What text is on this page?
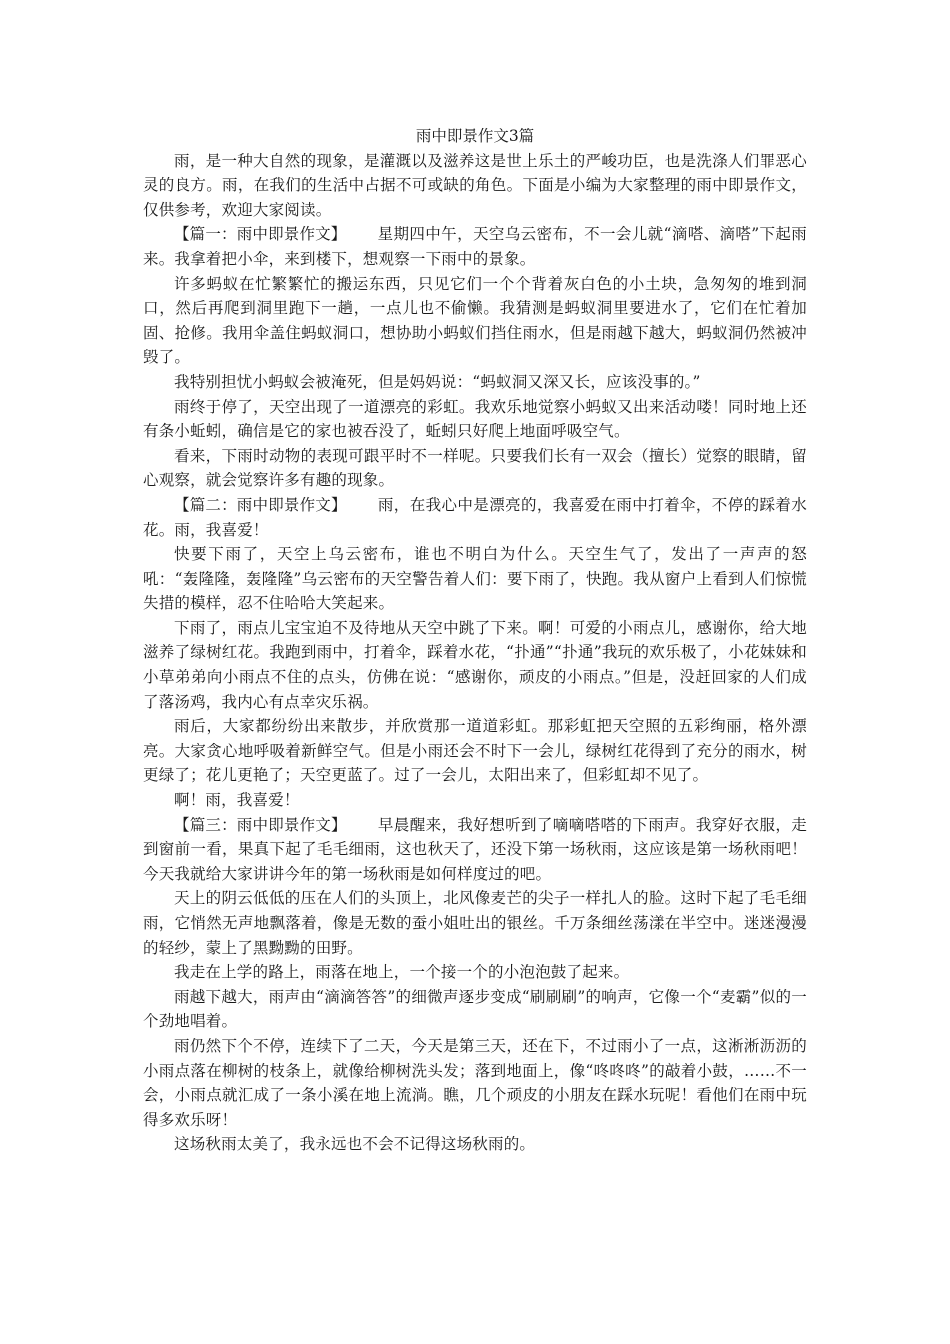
雨中即景作文3篇

雨，是一种大自然的现象，是灌溉以及滋养这是世上乐土的严峻功臣，也是洗涤人们罪恶心灵的良方。雨，在我们的生活中占据不可或缺的角色。下面是小编为大家整理的雨中即景作文，仅供参考，欢迎大家阅读。

【篇一：雨中即景作文】 星期四中午，天空乌云密布，不一会儿就“滴嗒、滴嗒”下起雨来。我拿着把小伞，来到楼下，想观察一下雨中的景象。

许多蚂蚁在忙繁繁忙的搬运东西，只见它们一个个背着灰白色的小土块，急匆匆的堆到洞口，然后再爬到洞里跑下一趟，一点儿也不偷懒。我猜测是蚂蚁洞里要进水了，它们在忙着加固、抢修。我用伞盖住蚂蚁洞口，想协助小蚂蚁们挡住雨水，但是雨越下越大，蚂蚁洞仍然被冲毁了。

我特别担忧小蚂蚁会被淹死，但是妈妈说：“蚂蚁洞又深又长，应该没事的。”

雨终于停了，天空出现了一道漂亮的彩虹。我欢乐地觉察小蚂蚁又出来活动喽！同时地上还有条小蚯蚓，确信是它的家也被吞没了，蚯蚓只好爬上地面呼吸空气。

看来，下雨时动物的表现可跟平时不一样呢。只要我们长有一双会（擅长）觉察的眼睛，留心观察，就会觉察许多有趣的现象。

【篇二：雨中即景作文】 雨，在我心中是漂亮的，我喜爱在雨中打着伞，不停的踩着水花。雨，我喜爱！

快要下雨了，天空上乌云密布，谁也不明白为什么。天空生气了，发出了一声声的怒吼：“轰隆隆，轰隆隆”乌云密布的天空警告着人们：要下雨了，快跑。我从窗户上看到人们惊慌失措的模样，忍不住哈哈大笑起来。

下雨了，雨点儿宝宝迫不及待地从天空中跳了下来。啊！可爱的小雨点儿，感谢你，给大地滋养了绿树红花。我跑到雨中，打着伞，踩着水花，“扑通”“扑通”我玩的欢乐极了，小花妹妹和小草弟弟向小雨点不住的点头，仿佛在说：“感谢你，顽皮的小雨点。”但是，没赶回家的人们成了落汤鸡，我内心有点幸灾乐祸。

雨后，大家都纷纷出来散步，并欣赏那一道道彩虹。那彩虹把天空照的五彩绚丽，格外漂亮。大家贪心地呼吸着新鲜空气。但是小雨还会不时下一会儿，绿树红花得到了充分的雨水，树更绿了；花儿更艳了；天空更蓝了。过了一会儿，太阳出来了，但彩虹却不见了。

啊！雨，我喜爱！

【篇三：雨中即景作文】 早晨醒来，我好想听到了嘀嘀嗒嗒的下雨声。我穿好衣服，走到窗前一看，果真下起了毛毛细雨，这也秋天了，还没下第一场秋雨，这应该是第一场秋雨吧！今天我就给大家讲讲今年的第一场秋雨是如何样度过的吧。

天上的阴云低低的压在人们的头顶上，北风像麦芒的尖子一样扎人的脸。这时下起了毛毛细雨，它悄然无声地飘落着，像是无数的蚕小姐吐出的银丝。千万条细丝荡漾在半空中。迷迷漫漫的轻纱，蒙上了黑黝黝的田野。

我走在上学的路上，雨落在地上，一个接一个的小泡泡鼓了起来。

雨越下越大，雨声由“滴滴答答”的细微声逐步变成“刷刷刷”的响声，它像一个“麦霸”似的一个劲地唱着。

雨仍然下个不停，连续下了二天，今天是第三天，还在下，不过雨小了一点，这淅淅沥沥的小雨点落在柳树的枝条上，就像给柳树洗头发；落到地面上，像“咚咚咚”的敲着小鼓，……不一会，小雨点就汇成了一条小溪在地上流淌。瞧，几个顽皮的小朋友在踩水玩呢！看他们在雨中玩得多欢乐呀！

这场秋雨太美了，我永远也不会不记得这场秋雨的。
